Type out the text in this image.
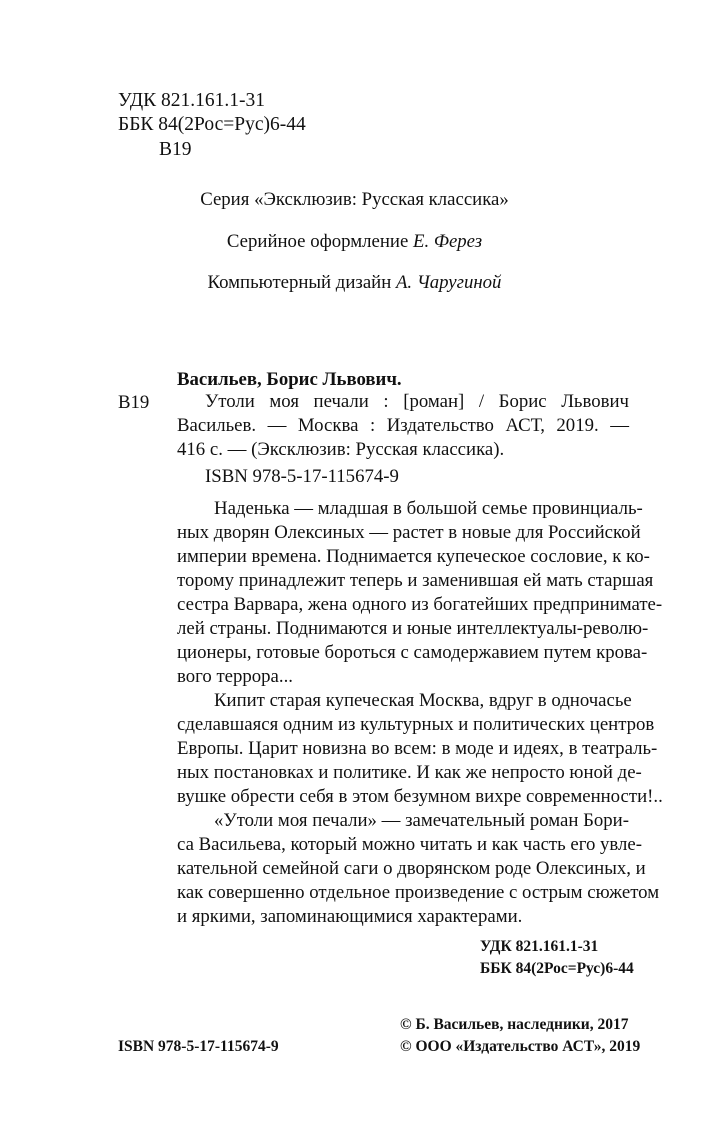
УДК 821.161.1-31
ББК 84(2Рос=Рус)6-44
В19
Серия «Эксклюзив: Русская классика»
Серийное оформление Е. Ферез
Компьютерный дизайн А. Чаругиной
Васильев, Борис Львович.
В19	Утоли моя печали : [роман] / Борис Львович
Васильев. — Москва : Издательство АСТ, 2019. —
416 с. — (Эксклюзив: Русская классика).
ISBN 978-5-17-115674-9
Наденька — младшая в большой семье провинциаль-
ных дворян Олексиных — растет в новые для Российской
империи времена. Поднимается купеческое сословие, к ко-
торому принадлежит теперь и заменившая ей мать старшая
сестра Варвара, жена одного из богатейших предпринимате-
лей страны. Поднимаются и юные интеллектуалы-револю-
ционеры, готовые бороться с самодержавием путем крова-
вого террора...
Кипит старая купеческая Москва, вдруг в одночасье
сделавшаяся одним из культурных и политических центров
Европы. Царит новизна во всем: в моде и идеях, в театраль-
ных постановках и политике. И как же непросто юной де-
вушке обрести себя в этом безумном вихре современности!..
«Утоли моя печали» — замечательный роман Бори-
са Васильева, который можно читать и как часть его увле-
кательной семейной саги о дворянском роде Олексиных, и
как совершенно отдельное произведение с острым сюжетом
и яркими, запоминающимися характерами.
УДК 821.161.1-31
ББК 84(2Рос=Рус)6-44
© Б. Васильев, наследники, 2017
ISBN 978-5-17-115674-9	© ООО «Издательство АСТ», 2019
